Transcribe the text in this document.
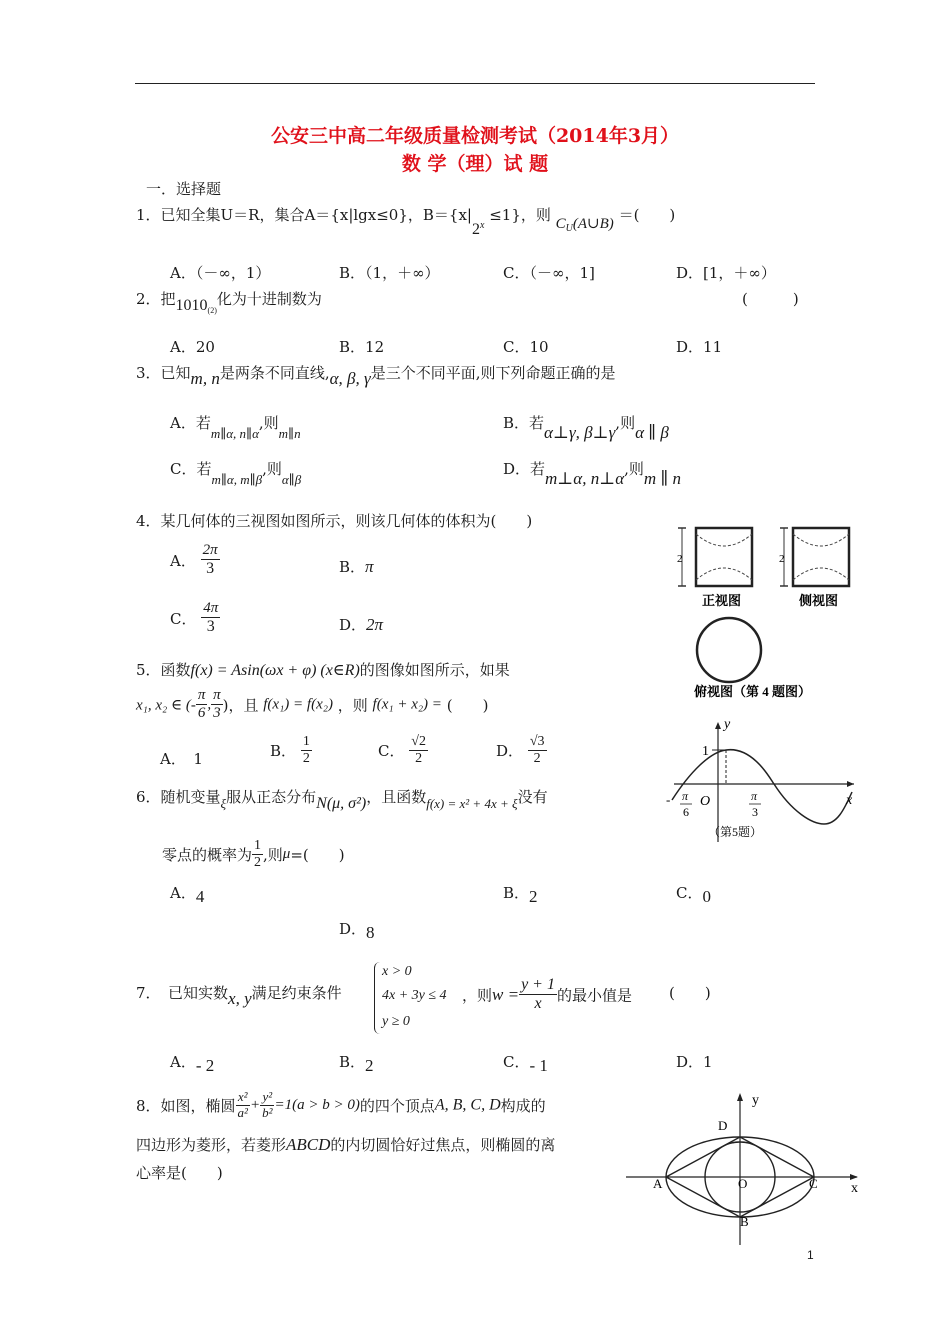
公安三中高二年级质量检测考试（2014年3月）
数 学（理）试 题
一．选择题
1．已知全集U＝R，集合A＝{x|lgx≤0}，$B=\{x|2^x \le 1\}$，则 $C_U(A\cup B)$ ＝(　　)
A．（－∞，1）	B．（1，＋∞）	C．（－∞，1]	D．[1，＋∞）
2．把$1010_{(2)}$化为十进制数为	(　　　)
A．20	B．12	C．10	D．11
3．已知m, n是两条不同直线,α, β, γ是三个不同平面,则下列命题正确的是
A．若m∥α, n∥α,则m∥n
B．若α⊥γ, β⊥γ,则α ∥ β
C．若m∥α, m∥β,则α∥β
D．若m⊥α, n⊥α,则m ∥ n
4．某几何体的三视图如图所示，则该几何体的体积为(　　)
A． $\frac{2\pi}{3}$	B．π
C． $\frac{4\pi}{3}$	D．2π
2
正视图
2
侧视图
俯视图（第 4 题图）
5．函数f(x) = Asin(ωx + φ) (x∈R)的图像如图所示，如果
x₁, x₂ ∈ (- $\frac{\pi}{6}$ , $\frac{\pi}{3}$ )，且 f(x₁) = f(x₂) ，则 f(x₁ + x₂) = (　　)
A．　1	B． $\frac{1}{2}$	C． $\frac{√2}{2}$	D． $\frac{√3}{2}$
y
1
O	x
- π
6
π
3
（第5题）
6．随机变量ξ服从正态分布N(μ, σ²)，且函数f(x) = x² + 4x + ξ没有
零点的概率为 $\frac{1}{2}$ ,则μ=(　　)
A．4	B．2	C．0
D．8
7．　已知实数x, y满足约束条件
x > 0
4x + 3y ≤ 4
y ≥ 0
，则$w = \frac{y + 1}{x}$ 的最小值是 (　　)
A．- 2	B．2	C．- 1	D．1
8．如图，椭圆 $\frac{\text{x²}}{\text{a²}} + \frac{\text{y²}}{\text{b²}} =1(a > b > 0)$的四个顶点A, B, C, D构成的
四边形为菱形，若菱形ABCD的内切圆恰好过焦点，则椭圆的离
心率是(　　)
y
x
A	C
D
B
O
1
